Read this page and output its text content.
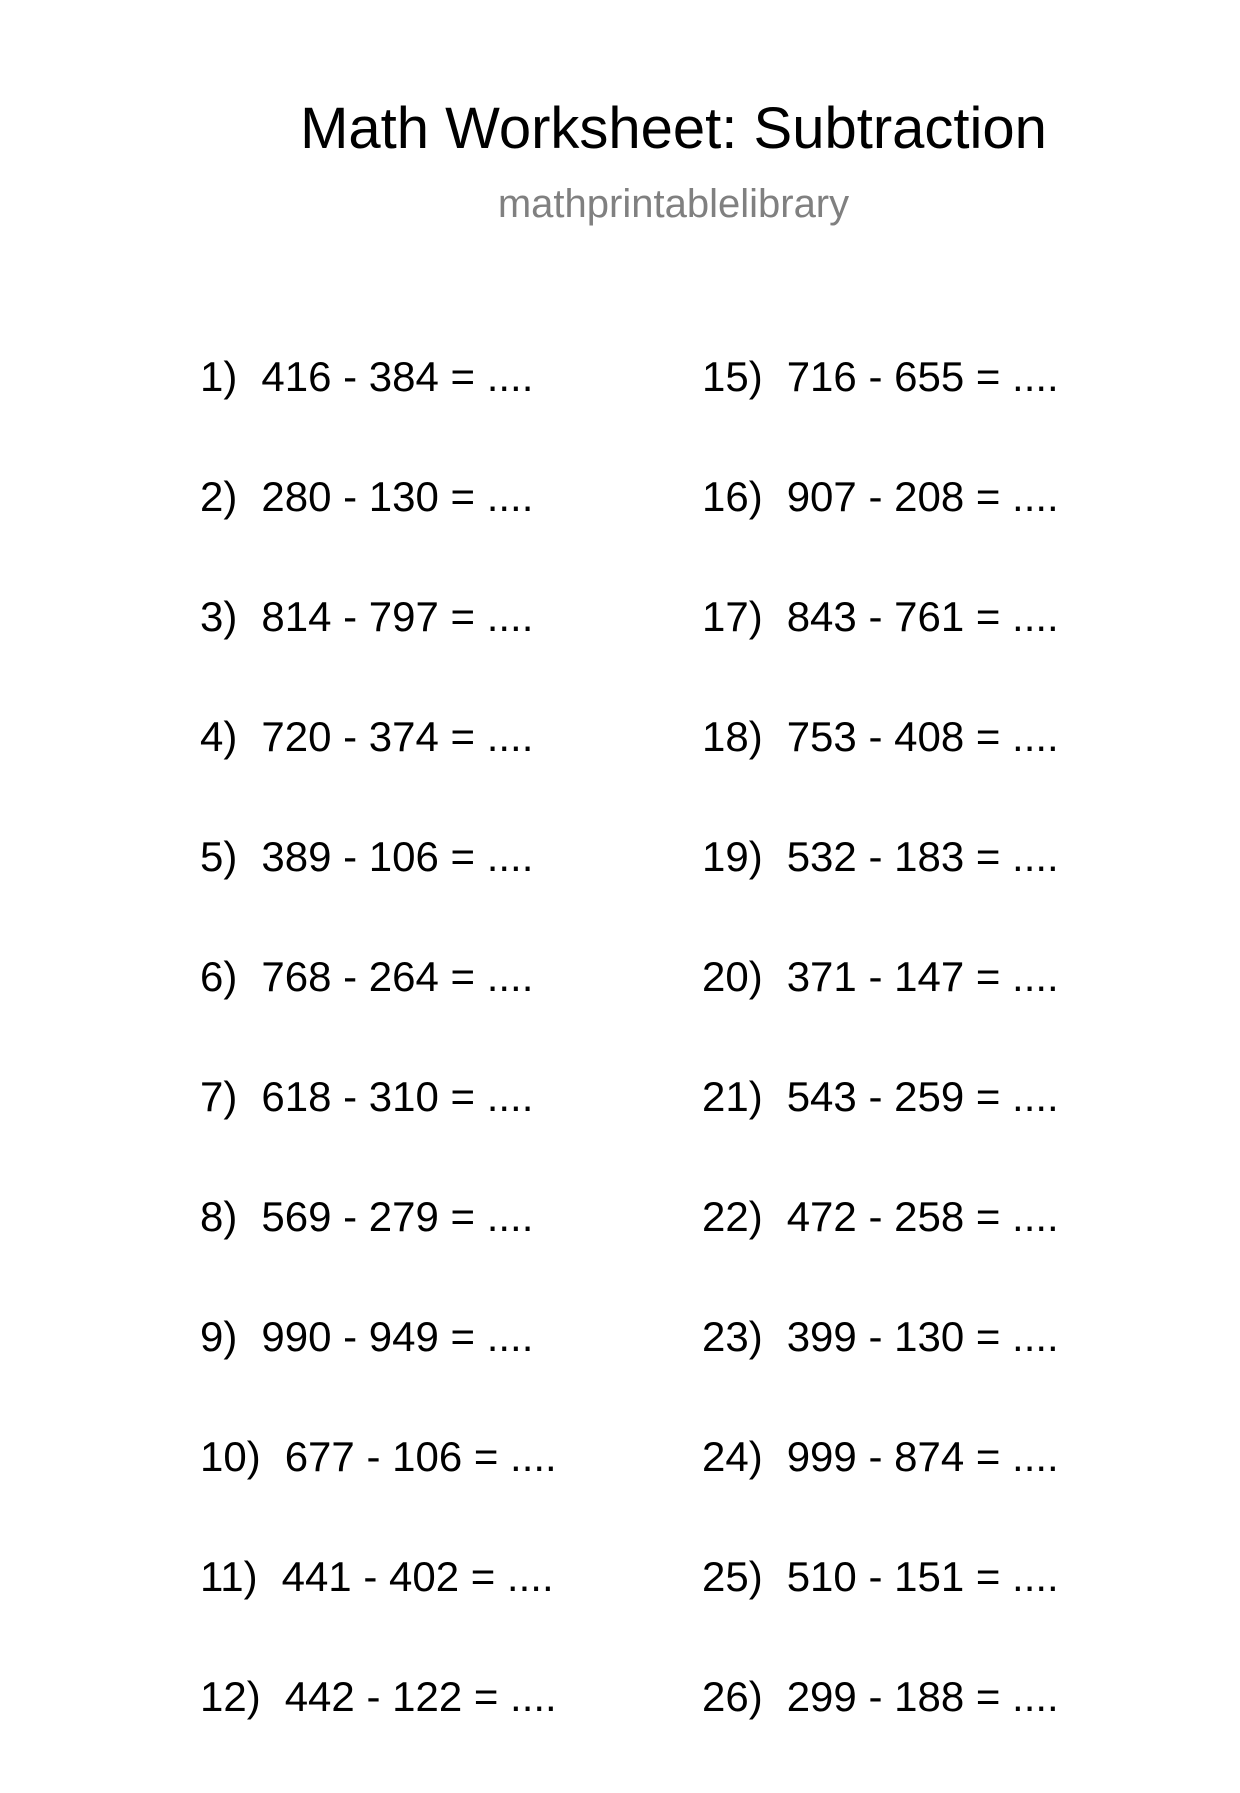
Math Worksheet: Subtraction
mathprintablelibrary
1) 416 - 384 = ....
2) 280 - 130 = ....
3) 814 - 797 = ....
4) 720 - 374 = ....
5) 389 - 106 = ....
6) 768 - 264 = ....
7) 618 - 310 = ....
8) 569 - 279 = ....
9) 990 - 949 = ....
10) 677 - 106 = ....
11) 441 - 402 = ....
12) 442 - 122 = ....
15) 716 - 655 = ....
16) 907 - 208 = ....
17) 843 - 761 = ....
18) 753 - 408 = ....
19) 532 - 183 = ....
20) 371 - 147 = ....
21) 543 - 259 = ....
22) 472 - 258 = ....
23) 399 - 130 = ....
24) 999 - 874 = ....
25) 510 - 151 = ....
26) 299 - 188 = ....
